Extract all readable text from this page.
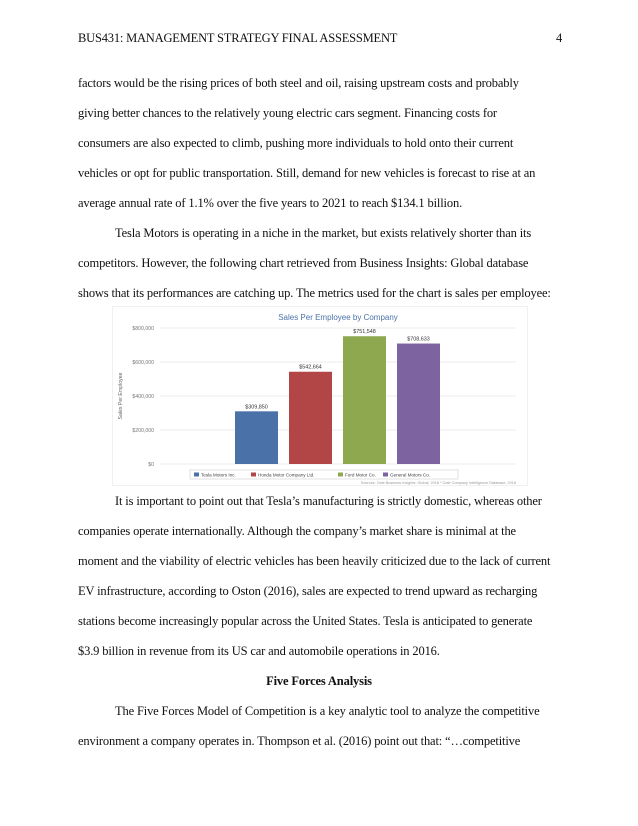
BUS431: MANAGEMENT STRATEGY FINAL ASSESSMENT	4
factors would be the rising prices of both steel and oil, raising upstream costs and probably
giving better chances to the relatively young electric cars segment. Financing costs for
consumers are also expected to climb, pushing more individuals to hold onto their current
vehicles or opt for public transportation. Still, demand for new vehicles is forecast to rise at an
average annual rate of 1.1% over the five years to 2021 to reach $134.1 billion.
Tesla Motors is operating in a niche in the market, but exists relatively shorter than its
competitors. However, the following chart retrieved from Business Insights: Global database
shows that its performances are catching up. The metrics used for the chart is sales per employee:
Sales Per Employee by Company
$0
$200,000
$400,000
$600,000
$800,000
Sales Per Employee	$309,850
$542,664
$751,548
$708,633
Tesla Motors Inc.	Honda Motor Company Ltd.	Ford Motor Co.	General Motors Co.
Sources: Gale Business Insights: Global, 2018 * Gale Company Intelligence Database, 2018
It is important to point out that Tesla’s manufacturing is strictly domestic, whereas other
companies operate internationally. Although the company’s market share is minimal at the
moment and the viability of electric vehicles has been heavily criticized due to the lack of current
EV infrastructure, according to Oston (2016), sales are expected to trend upward as recharging
stations become increasingly popular across the United States. Tesla is anticipated to generate
$3.9 billion in revenue from its US car and automobile operations in 2016.
Five Forces Analysis
The Five Forces Model of Competition is a key analytic tool to analyze the competitive
environment a company operates in. Thompson et al. (2016) point out that: “…competitive
